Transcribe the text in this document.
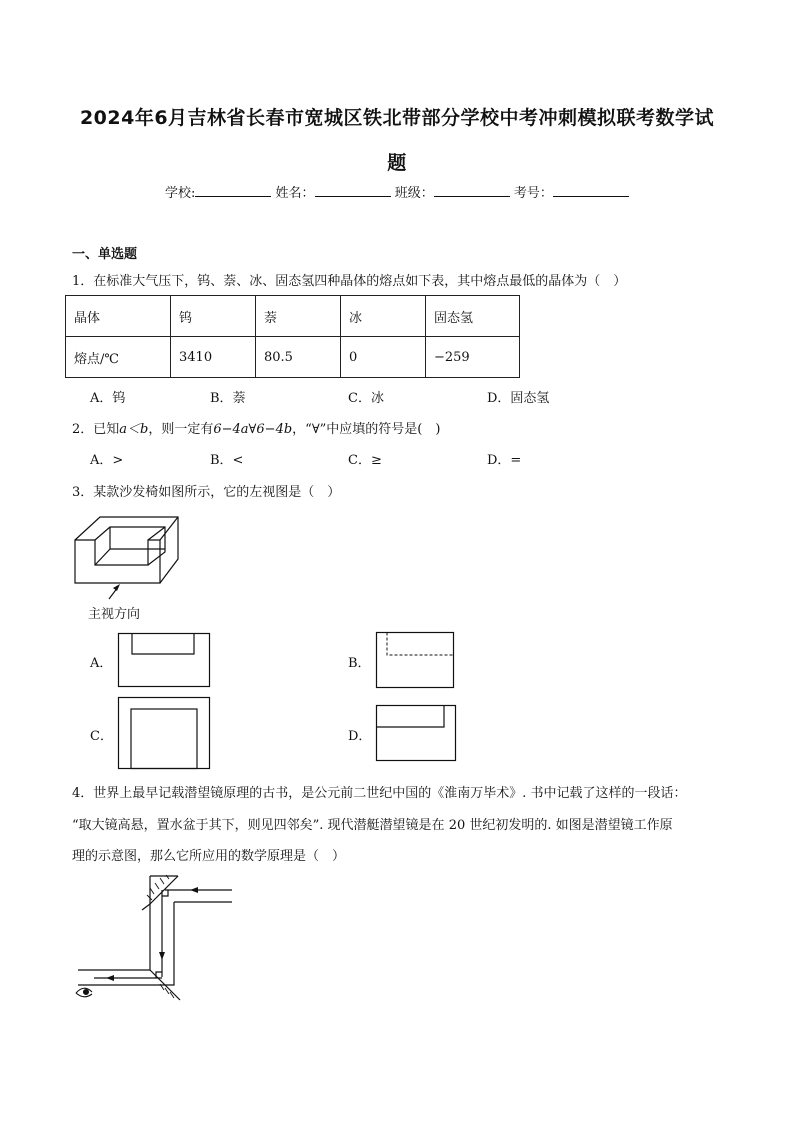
2024年6月吉林省长春市宽城区铁北带部分学校中考冲刺模拟联考数学试
题
学校:	姓名：	班级：	考号：
一、单选题
1．在标准大气压下，钨、萘、冰、固态氢四种晶体的熔点如下表，其中熔点最低的晶体为（　）
晶体	钨	萘	冰	固态氢
熔点/℃	3410	80.5	0	−259
A．钨	B．萘	C．冰	D．固态氢
2．已知a＜b，则一定有6−4a∀6−4b，“∀”中应填的符号是(　)
A．>	B．<	C．≥	D．=
3．某款沙发椅如图所示，它的左视图是（　）
主视方向
A．	B．
C．	D．
4．世界上最早记载潜望镜原理的古书，是公元前二世纪中国的《淮南万毕术》. 书中记载了这样的一段话：
“取大镜高悬，置水盆于其下，则见四邻矣”. 现代潜艇潜望镜是在 20 世纪初发明的. 如图是潜望镜工作原
理的示意图，那么它所应用的数学原理是（　）
